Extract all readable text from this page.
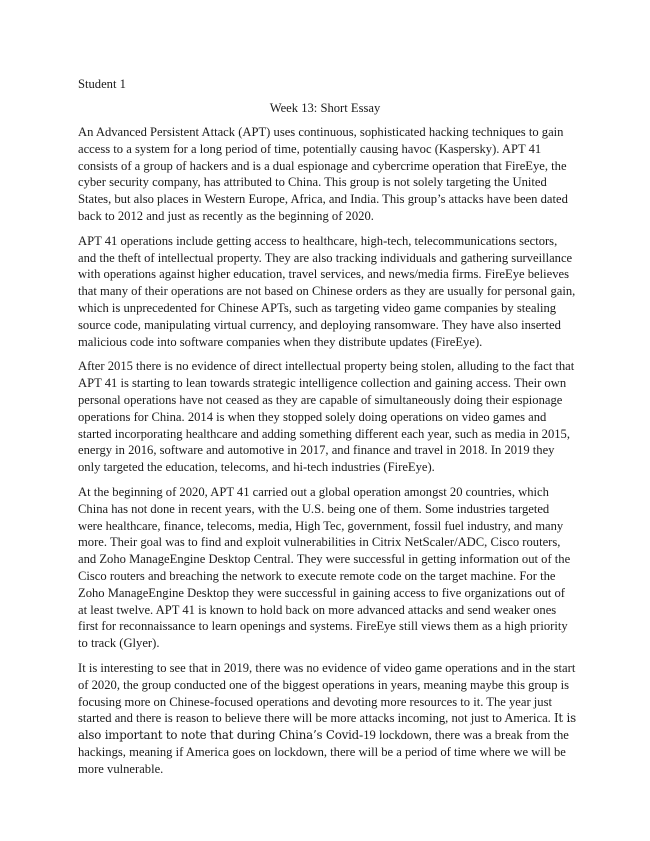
Student 1

Week 13: Short Essay

An Advanced Persistent Attack (APT) uses continuous, sophisticated hacking techniques to gain access to a system for a long period of time, potentially causing havoc (Kaspersky). APT 41 consists of a group of hackers and is a dual espionage and cybercrime operation that FireEye, the cyber security company, has attributed to China. This group is not solely targeting the United States, but also places in Western Europe, Africa, and India. This group’s attacks have been dated back to 2012 and just as recently as the beginning of 2020.

APT 41 operations include getting access to healthcare, high-tech, telecommunications sectors, and the theft of intellectual property. They are also tracking individuals and gathering surveillance with operations against higher education, travel services, and news/media firms. FireEye believes that many of their operations are not based on Chinese orders as they are usually for personal gain, which is unprecedented for Chinese APTs, such as targeting video game companies by stealing source code, manipulating virtual currency, and deploying ransomware. They have also inserted malicious code into software companies when they distribute updates (FireEye).

After 2015 there is no evidence of direct intellectual property being stolen, alluding to the fact that APT 41 is starting to lean towards strategic intelligence collection and gaining access. Their own personal operations have not ceased as they are capable of simultaneously doing their espionage operations for China. 2014 is when they stopped solely doing operations on video games and started incorporating healthcare and adding something different each year, such as media in 2015, energy in 2016, software and automotive in 2017, and finance and travel in 2018. In 2019 they only targeted the education, telecoms, and hi-tech industries (FireEye).

At the beginning of 2020, APT 41 carried out a global operation amongst 20 countries, which China has not done in recent years, with the U.S. being one of them. Some industries targeted were healthcare, finance, telecoms, media, High Tec, government, fossil fuel industry, and many more. Their goal was to find and exploit vulnerabilities in Citrix NetScaler/ADC, Cisco routers, and Zoho ManageEngine Desktop Central. They were successful in getting information out of the Cisco routers and breaching the network to execute remote code on the target machine. For the Zoho ManageEngine Desktop they were successful in gaining access to five organizations out of at least twelve. APT 41 is known to hold back on more advanced attacks and send weaker ones first for reconnaissance to learn openings and systems. FireEye still views them as a high priority to track (Glyer).

It is interesting to see that in 2019, there was no evidence of video game operations and in the start of 2020, the group conducted one of the biggest operations in years, meaning maybe this group is focusing more on Chinese-focused operations and devoting more resources to it. The year just started and there is reason to believe there will be more attacks incoming, not just to America. It is also important to note that during China’s Covid-19 lockdown, there was a break from the hackings, meaning if America goes on lockdown, there will be a period of time where we will be more vulnerable.
